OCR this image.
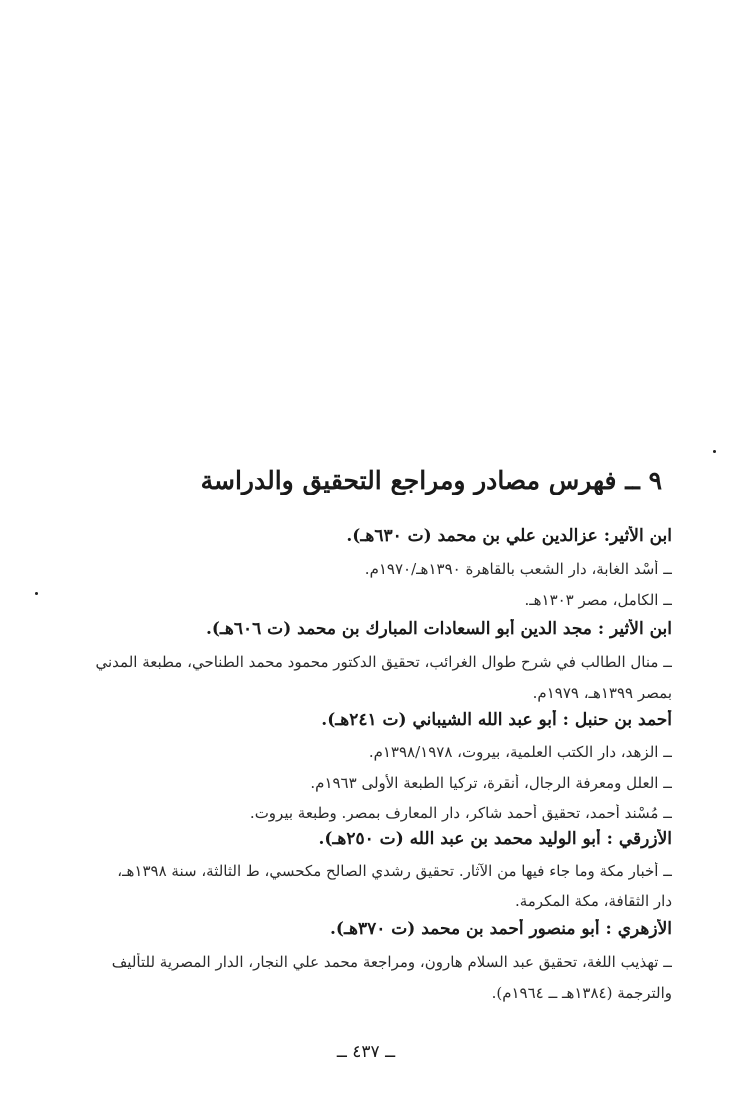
٩ ــ فهرس مصادر ومراجع التحقيق والدراسة
ابن الأثير: عزالدين علي بن محمد (ت ٦٣٠هـ).
ــ أُسْد الغابة، دار الشعب بالقاهرة ١٣٩٠هـ/١٩٧٠م.
ــ الكامل، مصر ١٣٠٣هـ.
ابن الأثير : مجد الدين أبو السعادات المبارك بن محمد (ت ٦٠٦هـ).
ــ منال الطالب في شرح طوال الغرائب، تحقيق الدكتور محمود محمد الطناحي، مطبعة المدني
بمصر ١٣٩٩هـ، ١٩٧٩م.
أحمد بن حنبل : أبو عبد الله الشيباني (ت ٢٤١هـ).
ــ الزهد، دار الكتب العلمية، بيروت، ١٣٩٨/١٩٧٨م.
ــ العلل ومعرفة الرجال، أنقرة، تركيا الطبعة الأولى ١٩٦٣م.
ــ مُسْند أحمد، تحقيق أحمد شاكر، دار المعارف بمصر. وطبعة بيروت.
الأزرقي : أبو الوليد محمد بن عبد الله (ت ٢٥٠هـ).
ــ أخبار مكة وما جاء فيها من الآثار. تحقيق رشدي الصالح مكحسي، ط الثالثة، سنة ١٣٩٨هـ،
دار الثقافة، مكة المكرمة.
الأزهري : أبو منصور أحمد بن محمد (ت ٣٧٠هـ).
ــ تهذيب اللغة، تحقيق عبد السلام هارون، ومراجعة محمد علي النجار، الدار المصرية للتأليف
والترجمة (١٣٨٤هـ ــ ١٩٦٤م).
ــ ٤٣٧ ــ
